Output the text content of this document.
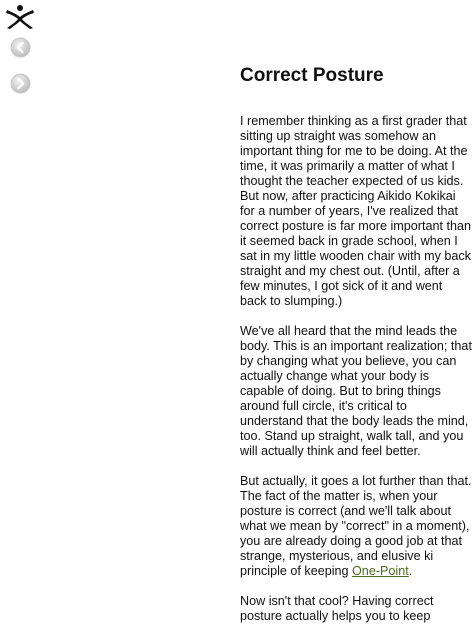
Correct Posture

I remember thinking as a first grader that sitting up straight was somehow an important thing for me to be doing. At the time, it was primarily a matter of what I thought the teacher expected of us kids. But now, after practicing Aikido Kokikai for a number of years, I've realized that correct posture is far more important than it seemed back in grade school, when I sat in my little wooden chair with my back straight and my chest out. (Until, after a few minutes, I got sick of it and went back to slumping.)

We've all heard that the mind leads the body. This is an important realization; that by changing what you believe, you can actually change what your body is capable of doing. But to bring things around full circle, it's critical to understand that the body leads the mind, too. Stand up straight, walk tall, and you will actually think and feel better.

But actually, it goes a lot further than that. The fact of the matter is, when your posture is correct (and we'll talk about what we mean by "correct" in a moment), you are already doing a good job at that strange, mysterious, and elusive ki principle of keeping One-Point.

Now isn't that cool? Having correct posture actually helps you to keep
